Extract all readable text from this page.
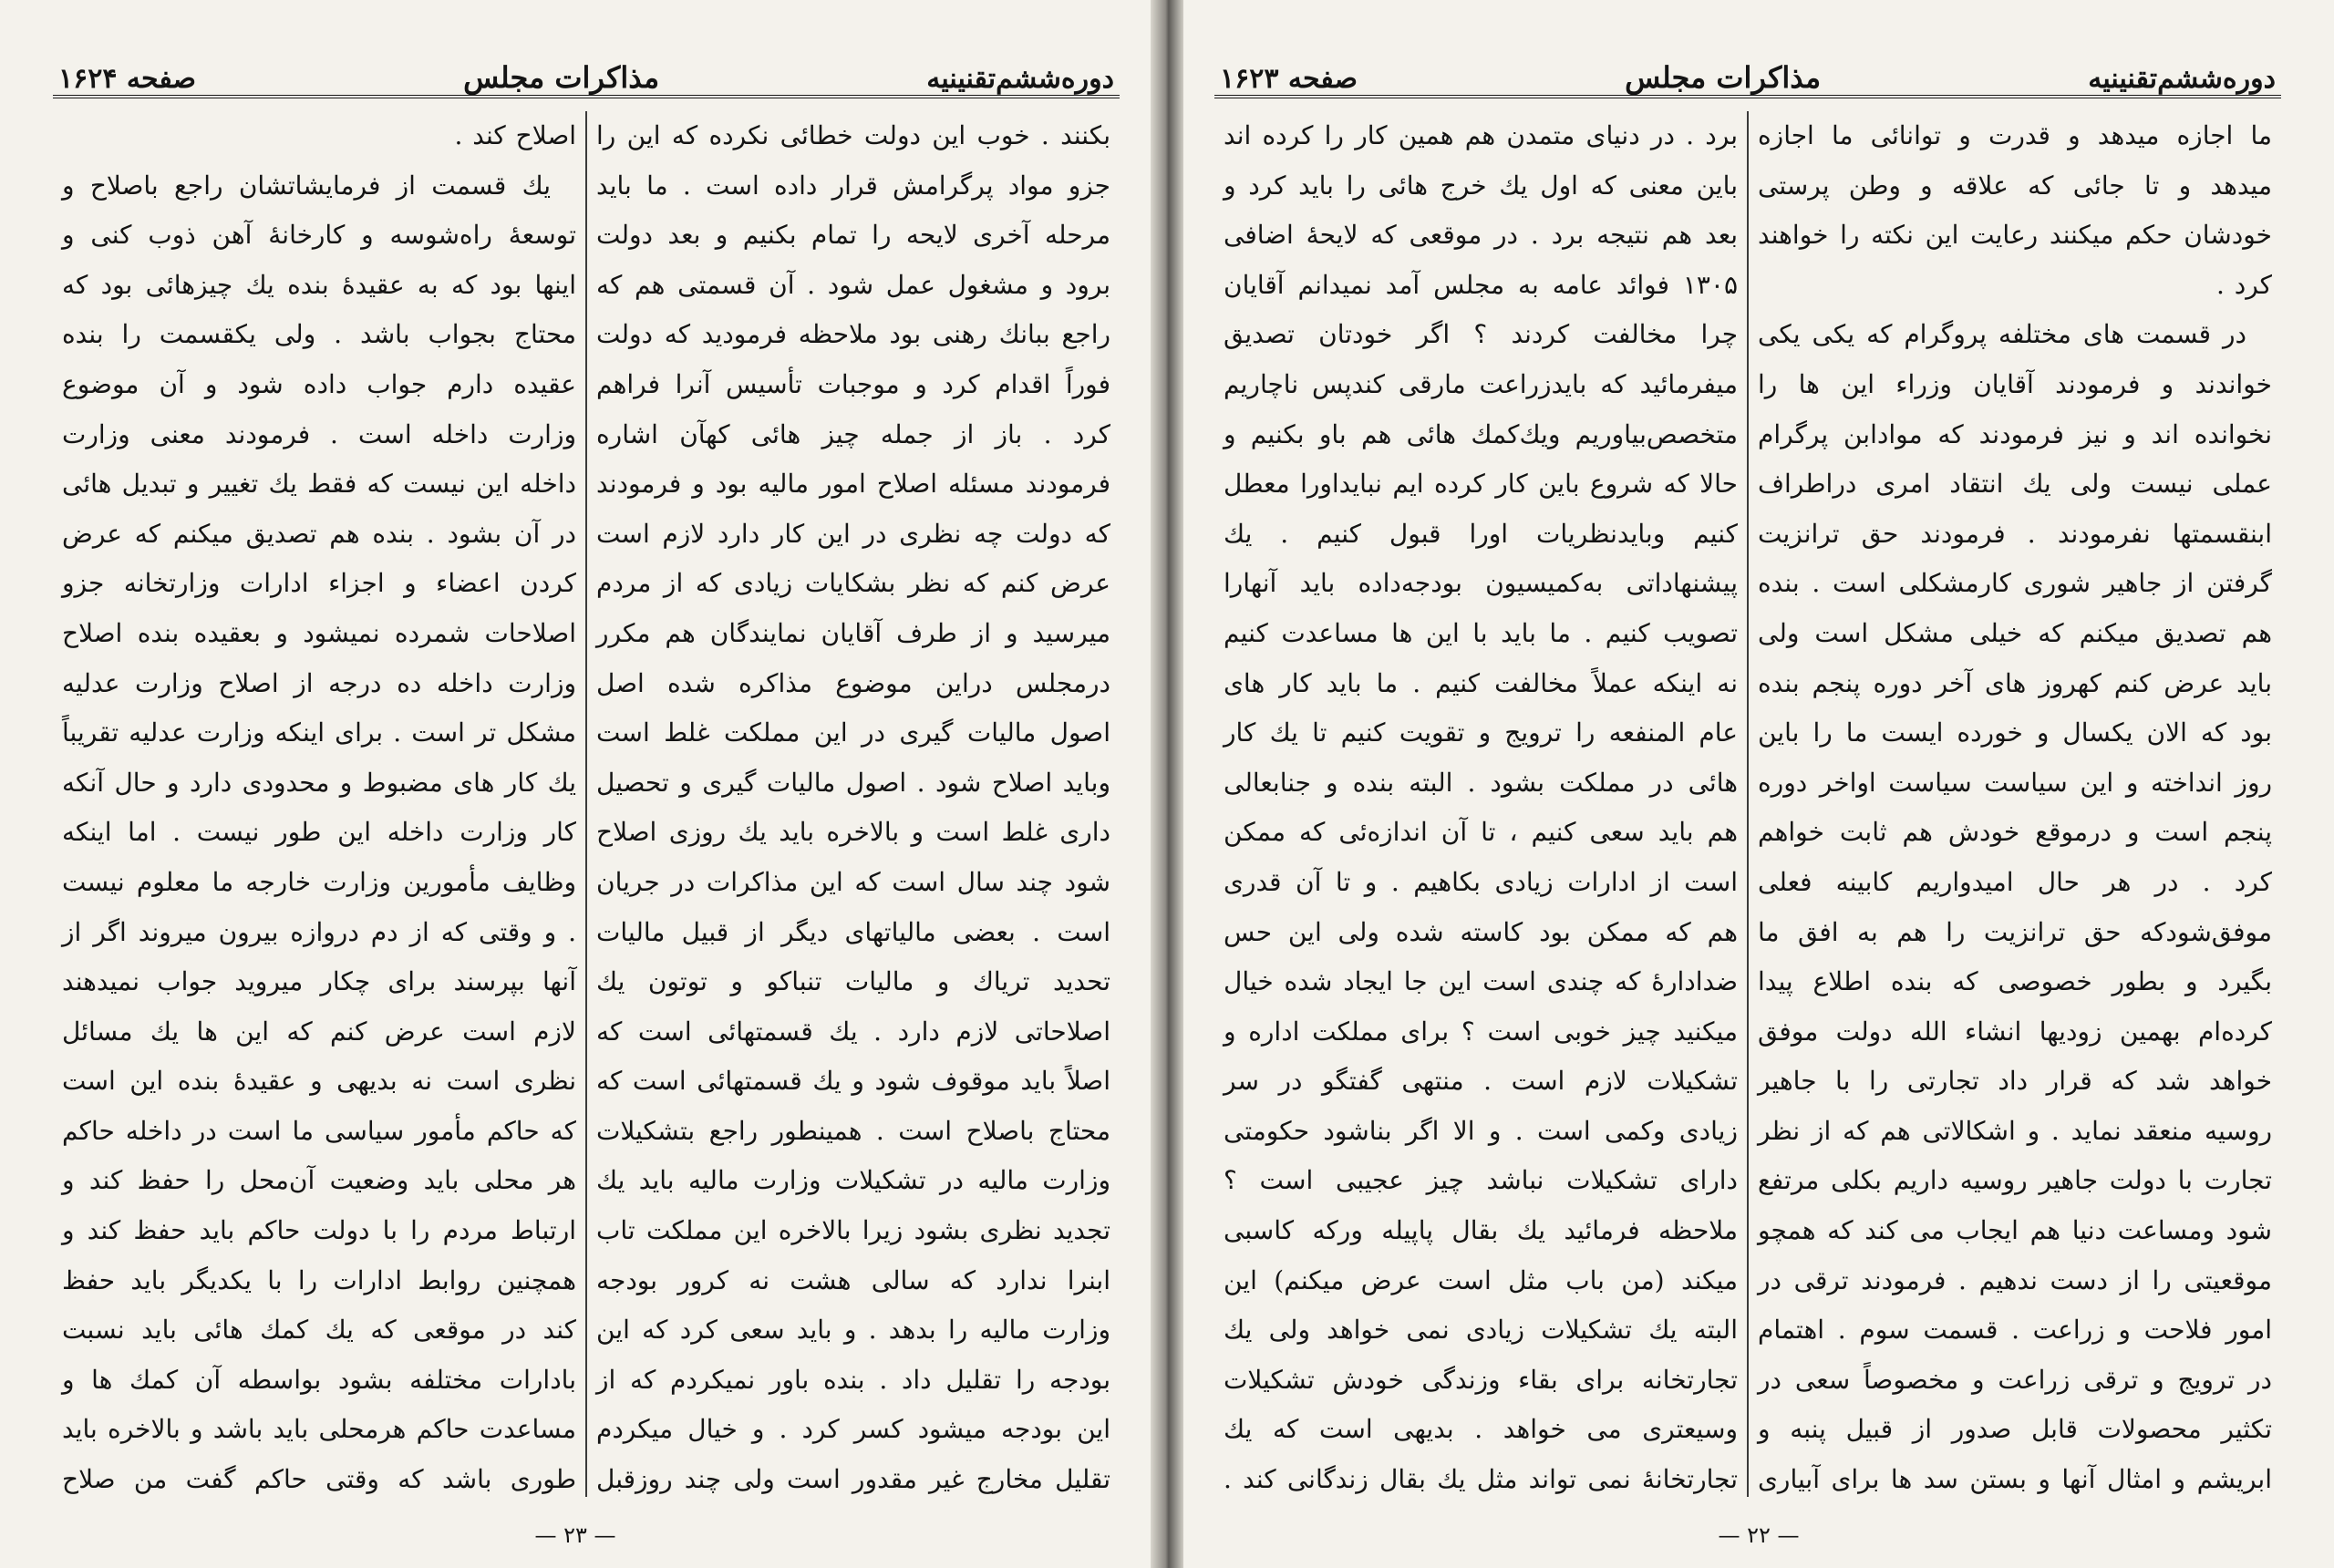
دوره‌ششم‌تقنینیه
مذاکرات مجلس
صفحه ۱۶۲۴

بکنند . خوب این دولت خطائی نکرده که این را جزو مواد پرگرامش قرار داده است . ما باید مرحله آخری لایحه را تمام بکنیم و بعد دولت برود و مشغول عمل شود . آن قسمتی هم که راجع ببانك رهنی بود ملاحظه فرمودید که دولت فوراً اقدام کرد و موجبات تأسیس آنرا فراهم کرد . باز از جمله چیز هائی کهآن اشاره فرمودند مسئله اصلاح امور مالیه بود و فرمودند که دولت چه نظری در این کار دارد لازم است عرض کنم که نظر بشکایات زیادی که از مردم میرسید و از طرف آقایان نمایندگان هم مکرر درمجلس دراین موضوع مذاکره شده اصل اصول مالیات گیری در این مملکت غلط است وباید اصلاح شود . اصول مالیات گیری و تحصیل داری غلط است و بالاخره باید یك روزی اصلاح شود چند سال است که این مذاکرات در جریان است . بعضی مالیاتهای دیگر از قبیل مالیات تحدید تریاك و مالیات تنباکو و توتون یك اصلاحاتی لازم دارد . یك قسمتهائی است که اصلاً باید موقوف شود و یك قسمتهائی است که محتاج باصلاح است . همینطور راجع بتشکیلات وزارت مالیه در تشکیلات وزارت مالیه باید یك تجدید نظری بشود زیرا بالاخره این مملکت تاب ابنرا ندارد که سالی هشت نه کرور بودجه وزارت مالیه را بدهد . و باید سعی کرد که این بودجه را تقلیل داد . بنده باور نمیکردم که از این بودجه میشود کسر کرد . و خیال میکردم تقلیل مخارج غیر مقدور است ولی چند روزقبل

اصلاح کند .

یك قسمت از فرمایشاتشان راجع باصلاح و توسعهٔ راه‌شوسه و کارخانهٔ آهن ذوب کنی و اینها بود که به عقیدهٔ بنده یك چیزهائی بود که محتاج بجواب باشد . ولی یکقسمت را بنده عقیده دارم جواب داده شود و آن موضوع وزارت داخله است . فرمودند معنی وزارت داخله این نیست که فقط یك تغییر و تبدیل هائی در آن بشود . بنده هم تصدیق میکنم که عرض کردن اعضاء و اجزاء ادارات وزارتخانه جزو اصلاحات شمرده نمیشود و بعقیده بنده اصلاح وزارت داخله ده درجه از اصلاح وزارت عدلیه مشکل تر است . برای اینکه وزارت عدلیه تقریباً یك کار های مضبوط و محدودی دارد و حال آنکه کار وزارت داخله این طور نیست . اما اینکه وظایف مأمورین وزارت خارجه ما معلوم نیست . و وقتی که از دم دروازه بیرون میروند اگر از آنها بپرسند برای چکار میروید جواب نمیدهند لازم است عرض کنم که این ها یك مسائل نظری است نه بدیهی و عقیدهٔ بنده این است که حاکم مأمور سیاسی ما است در داخله حاکم هر محلی باید وضعیت آن‌محل را حفظ کند و ارتباط مردم را با دولت حاکم باید حفظ کند و همچنین روابط ادارات را با یکدیگر باید حفظ کند در موقعی که یك کمك هائی باید نسبت بادارات مختلفه بشود بواسطه آن کمك ها و مساعدت حاکم هرمحلی باید باشد و بالاخره باید طوری باشد که وقتی حاکم گفت من صلاح

— ۲۳ —
دوره‌ششم‌تقنینیه
مذاکرات مجلس
صفحه ۱۶۲۳

ما اجازه میدهد و قدرت و توانائی ما اجازه میدهد و تا جائی که علاقه و وطن پرستی خودشان حکم میکنند رعایت این نکته را خواهند کرد .

در قسمت های مختلفه پروگرام که یکی یکی خواندند و فرمودند آقایان وزراء این ها را نخوانده اند و نیز فرمودند که موادابن پرگرام عملی نیست ولی یك انتقاد امری دراطراف ابنقسمتها نفرمودند . فرمودند حق ترانزیت گرفتن از جاهیر شوری کارمشکلی است . بنده هم تصدیق میکنم که خیلی مشکل است ولی باید عرض کنم کهروز های آخر دوره پنجم بنده بود که الان یکسال و خورده ایست ما را باین روز انداخته و این سیاست سیاست اواخر دوره پنجم است و درموقع خودش هم ثابت خواهم کرد . در هر حال امیدواریم کابینه فعلی موفق‌شود‌که حق ترانزیت را هم به افق ما بگیرد و بطور خصوصی که بنده اطلاع پیدا کرده‌ام بهمین زودیها انشاء الله دولت موفق خواهد شد که قرار داد تجارتی را با جاهیر روسیه منعقد نماید . و اشکالاتی هم که از نظر تجارت با دولت جاهیر روسیه داریم بکلی مرتفع شود ومساعت دنیا هم ایجاب می کند که همچو موقعیتی را از دست ندهیم . فرمودند ترقی در امور فلاحت و زراعت . قسمت سوم . اهتمام در ترویج و ترقی زراعت و مخصوصاً سعی در تکثیر محصولات قابل صدور از قبیل پنبه و ابریشم و امثال آنها و بستن سد ها برای آبیاری

برد . در دنیای متمدن هم همین کار را کرده اند باین معنی که اول یك خرج هائی را باید کرد و بعد هم نتیجه برد . در موقعی که لایحهٔ اضافی ۱۳۰۵ فوائد عامه به مجلس آمد نمیدانم آقایان چرا مخالفت کردند ؟ اگر خودتان تصدیق میفرمائید که باید‌زراعت مارقی کند‌پس ناچاریم متخصص‌بیاوریم و‌یك‌کمك هائی هم باو بکنیم و حالا که شروع باین کار کرده ایم نبایداورا معطل کنیم وبایدنظریات اورا قبول کنیم . یك پیشنهاداتی به‌کمیسیون بودجه‌داده باید آنهارا تصویب کنیم . ما باید با این ها مساعدت کنیم نه اینکه عملاً مخالفت کنیم . ما باید کار های عام المنفعه را ترویج و تقویت کنیم تا یك کار هائی در مملکت بشود . البته بنده و جنابعالی هم باید سعی کنیم ، تا آن اندازه‌ئی که ممکن است از ادارات زیادی بکاهیم . و تا آن قدری هم که ممکن بود کاسته شده ولی این حس ضدادارهٔ که چندی است این جا ایجاد شده خیال میکنید چیز خوبی است ؟ برای مملکت اداره و تشکیلات لازم است . منتهی گفتگو در سر زیادی وکمی است . و الا اگر بنا‌شود حکومتی دارای تشکیلات نباشد چیز عجیبی است ؟ ملاحظه فرمائید یك بقال پاپیله ورکه کاسبی میکند (من باب مثل است عرض میکنم) این البته یك تشکیلات زیادی نمی خواهد ولی یك تجارتخانه برای بقاء وزندگی خودش تشکیلات وسیعتری می خواهد . بدیهی است که یك تجارتخانهٔ نمی تواند مثل یك بقال زندگانی کند .

— ۲۲ —
